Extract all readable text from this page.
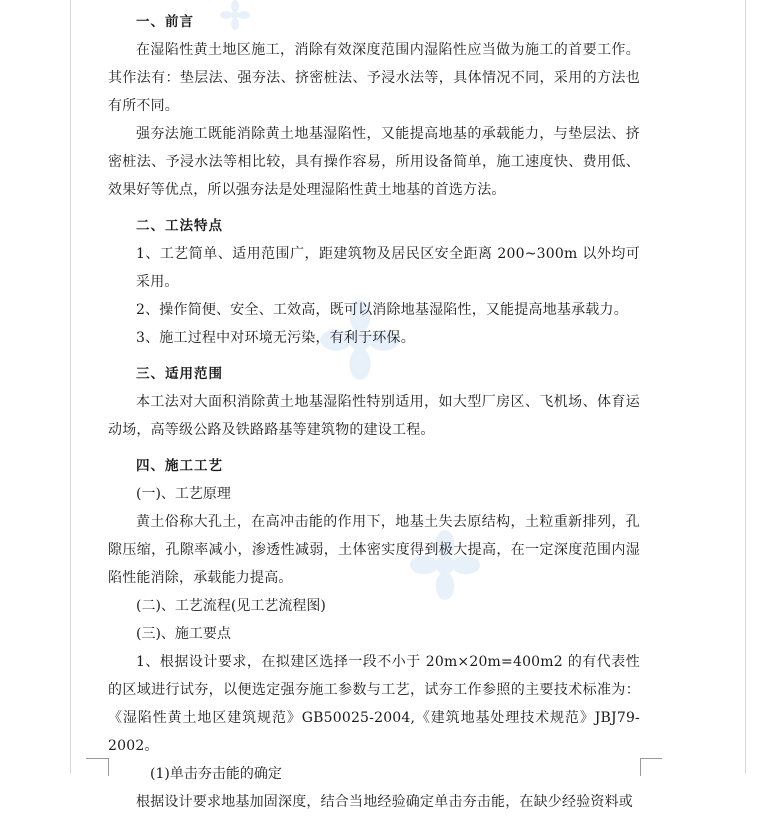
一、前言

在湿陷性黄土地区施工，消除有效深度范围内湿陷性应当做为施工的首要工作。其作法有：垫层法、强夯法、挤密桩法、予浸水法等，具体情况不同，采用的方法也有所不同。

强夯法施工既能消除黄土地基湿陷性，又能提高地基的承载能力，与垫层法、挤密桩法、予浸水法等相比较，具有操作容易，所用设备简单，施工速度快、费用低、效果好等优点，所以强夯法是处理湿陷性黄土地基的首选方法。

二、工法特点

1、工艺简单、适用范围广，距建筑物及居民区安全距离 200~300m 以外均可采用。

2、操作简便、安全、工效高，既可以消除地基湿陷性，又能提高地基承载力。

3、施工过程中对环境无污染，有利于环保。

三、适用范围

本工法对大面积消除黄土地基湿陷性特别适用，如大型厂房区、飞机场、体育运动场，高等级公路及铁路路基等建筑物的建设工程。

四、施工工艺

(一)、工艺原理

黄土俗称大孔土，在高冲击能的作用下，地基土失去原结构，土粒重新排列，孔隙压缩，孔隙率减小，渗透性减弱，土体密实度得到极大提高，在一定深度范围内湿陷性能消除，承载能力提高。

(二)、工艺流程(见工艺流程图)

(三)、施工要点

1、根据设计要求，在拟建区选择一段不小于 20m×20m=400m2 的有代表性的区域进行试夯，以便选定强夯施工参数与工艺，试夯工作参照的主要技术标准为：《湿陷性黄土地区建筑规范》GB50025-2004,《建筑地基处理技术规范》JBJ79-2002。

(1)单击夯击能的确定

根据设计要求地基加固深度，结合当地经验确定单击夯击能，在缺少经验资料或
